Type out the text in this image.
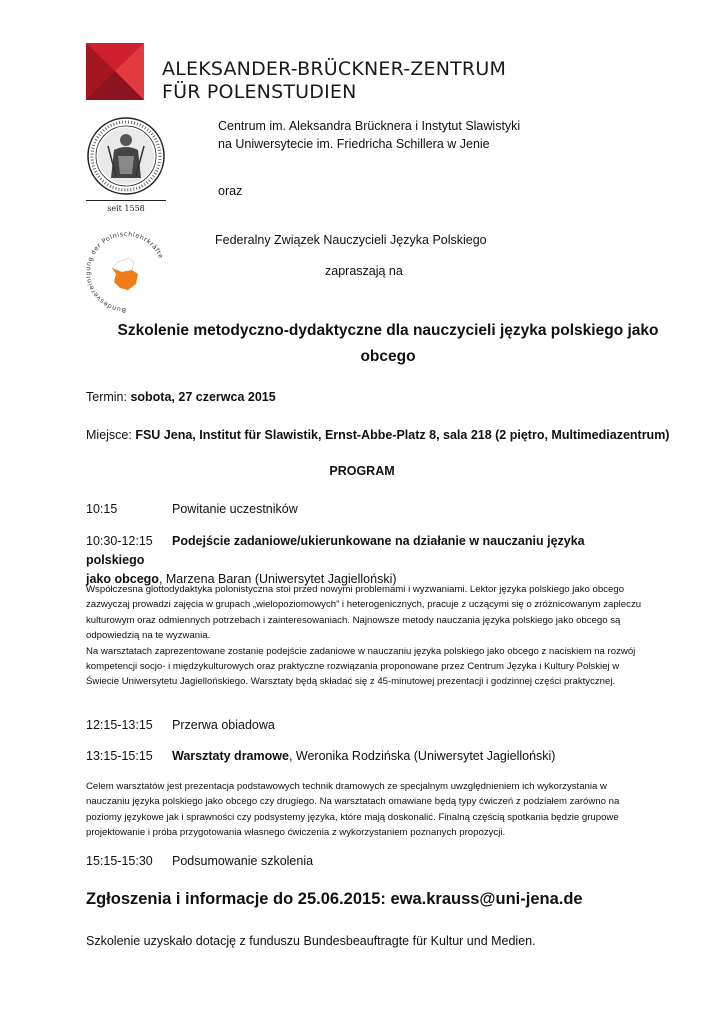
ALEKSANDER-BRÜCKNER-ZENTRUM
FÜR POLENSTUDIEN
seit 1558
Bundesvereinigung der Polnischlehrkräfte
Centrum im. Aleksandra Brücknera i Instytut Slawistyki
na Uniwersytecie im. Friedricha Schillera w Jenie
oraz
Federalny Związek Nauczycieli Języka Polskiego
zapraszają na
Szkolenie metodyczno-dydaktyczne dla nauczycieli języka polskiego jako
obcego
Termin: sobota, 27 czerwca 2015
Miejsce: FSU Jena, Institut für Slawistik, Ernst-Abbe-Platz 8, sala 218 (2 piętro, Multimediazentrum)
PROGRAM
10:15	Powitanie uczestników
10:30-12:15 Podejście zadaniowe/ukierunkowane na działanie w nauczaniu języka polskiego
jako obcego, Marzena Baran (Uniwersytet Jagielloński)

Współczesna glottodydaktyka polonistyczna stoi przed nowymi problemami i wyzwaniami. Lektor języka polskiego jako obcego zazwyczaj prowadzi zajęcia w grupach „wielopoziomowych” i heterogenicznych, pracuje z uczącymi się o zróżnicowanym zapleczu kulturowym oraz odmiennych potrzebach i zainteresowaniach. Najnowsze metody nauczania języka polskiego jako obcego są odpowiedzią na te wyzwania.

Na warsztatach zaprezentowane zostanie podejście zadaniowe w nauczaniu języka polskiego jako obcego z naciskiem na rozwój kompetencji socjo- i międzykulturowych oraz praktyczne rozwiązania proponowane przez Centrum Języka i Kultury Polskiej w Świecie Uniwersytetu Jagiellońskiego. Warsztaty będą składać się z 45-minutowej prezentacji i godzinnej części praktycznej.

12:15-13:15 Przerwa obiadowa
13:15-15:15 Warsztaty dramowe, Weronika Rodzińska (Uniwersytet Jagielloński)

Celem warsztatów jest prezentacja podstawowych technik dramowych ze specjalnym uwzględnieniem ich wykorzystania w nauczaniu języka polskiego jako obcego czy drugiego. Na warsztatach omawiane będą typy ćwiczeń z podziałem zarówno na poziomy językowe jak i sprawności czy podsystemy języka, które mają doskonalić. Finalną częścią spotkania będzie grupowe projektowanie i próba przygotowania własnego ćwiczenia z wykorzystaniem poznanych propozycji.

15:15-15:30 Podsumowanie szkolenia
Zgłoszenia i informacje do 25.06.2015: ewa.krauss@uni-jena.de
Szkolenie uzyskało dotację z funduszu Bundesbeauftragte für Kultur und Medien.
